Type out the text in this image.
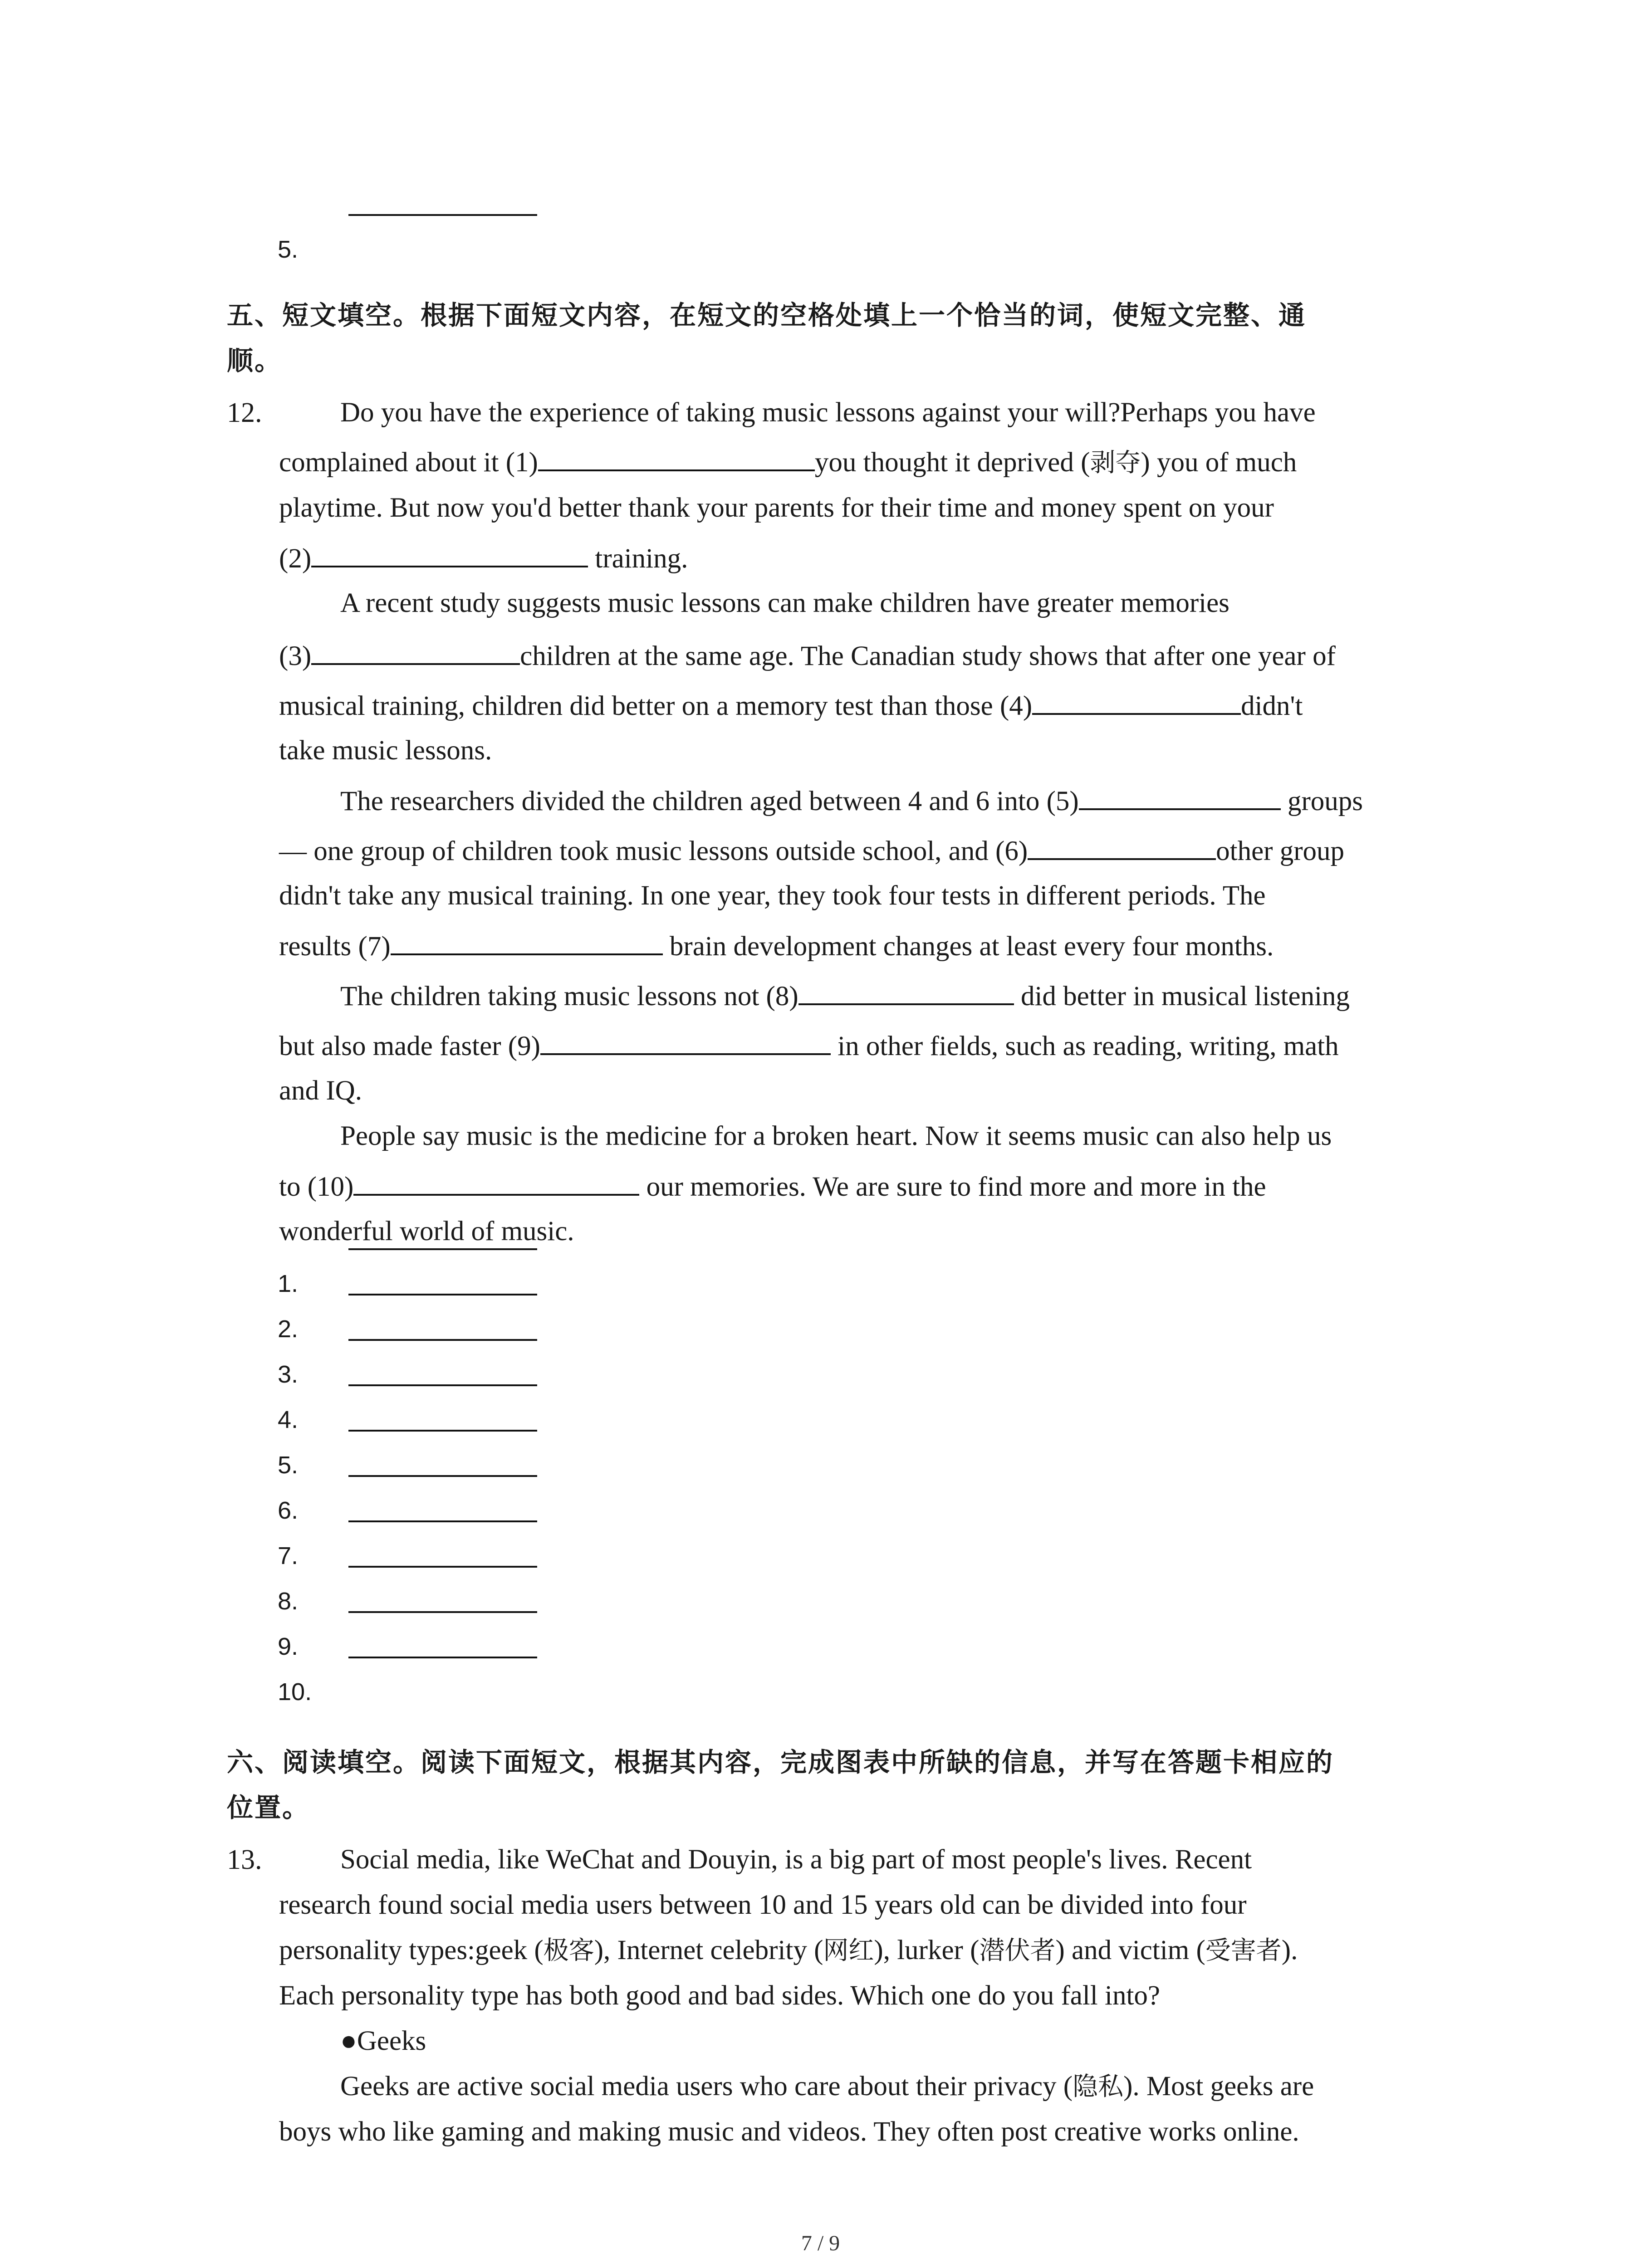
5.
五、短文填空。根据下面短文内容，在短文的空格处填上一个恰当的词，使短文完整、通
顺。
12.	Do you have the experience of taking music lessons against your will?Perhaps you have
complained about it (1)	you thought it deprived (剥夺) you of much
playtime. But now you'd better thank your parents for their time and money spent on your
(2)	training.
A recent study suggests music lessons can make children have greater memories
(3)	children at the same age. The Canadian study shows that after one year of
musical training, children did better on a memory test than those (4)	didn't
take music lessons.
The researchers divided the children aged between 4 and 6 into (5)	groups
— one group of children took music lessons outside school, and (6)	other group
didn't take any musical training. In one year, they took four tests in different periods. The
results (7)	brain development changes at least every four months.
The children taking music lessons not (8)	did better in musical listening
but also made faster (9)	in other fields, such as reading, writing, math
and IQ.
People say music is the medicine for a broken heart. Now it seems music can also help us
to (10)	our memories. We are sure to find more and more in the
wonderful world of music.
1.
2.
3.
4.
5.
6.
7.
8.
9.
10.
六、阅读填空。阅读下面短文，根据其内容，完成图表中所缺的信息，并写在答题卡相应的
位置。
13.	Social media, like WeChat and Douyin, is a big part of most people's lives. Recent
research found social media users between 10 and 15 years old can be divided into four
personality types:geek (极客), Internet celebrity (网红), lurker (潜伏者) and victim (受害者).
Each personality type has both good and bad sides. Which one do you fall into?
●Geeks
Geeks are active social media users who care about their privacy (隐私). Most geeks are
boys who like gaming and making music and videos. They often post creative works online.
7 / 9
